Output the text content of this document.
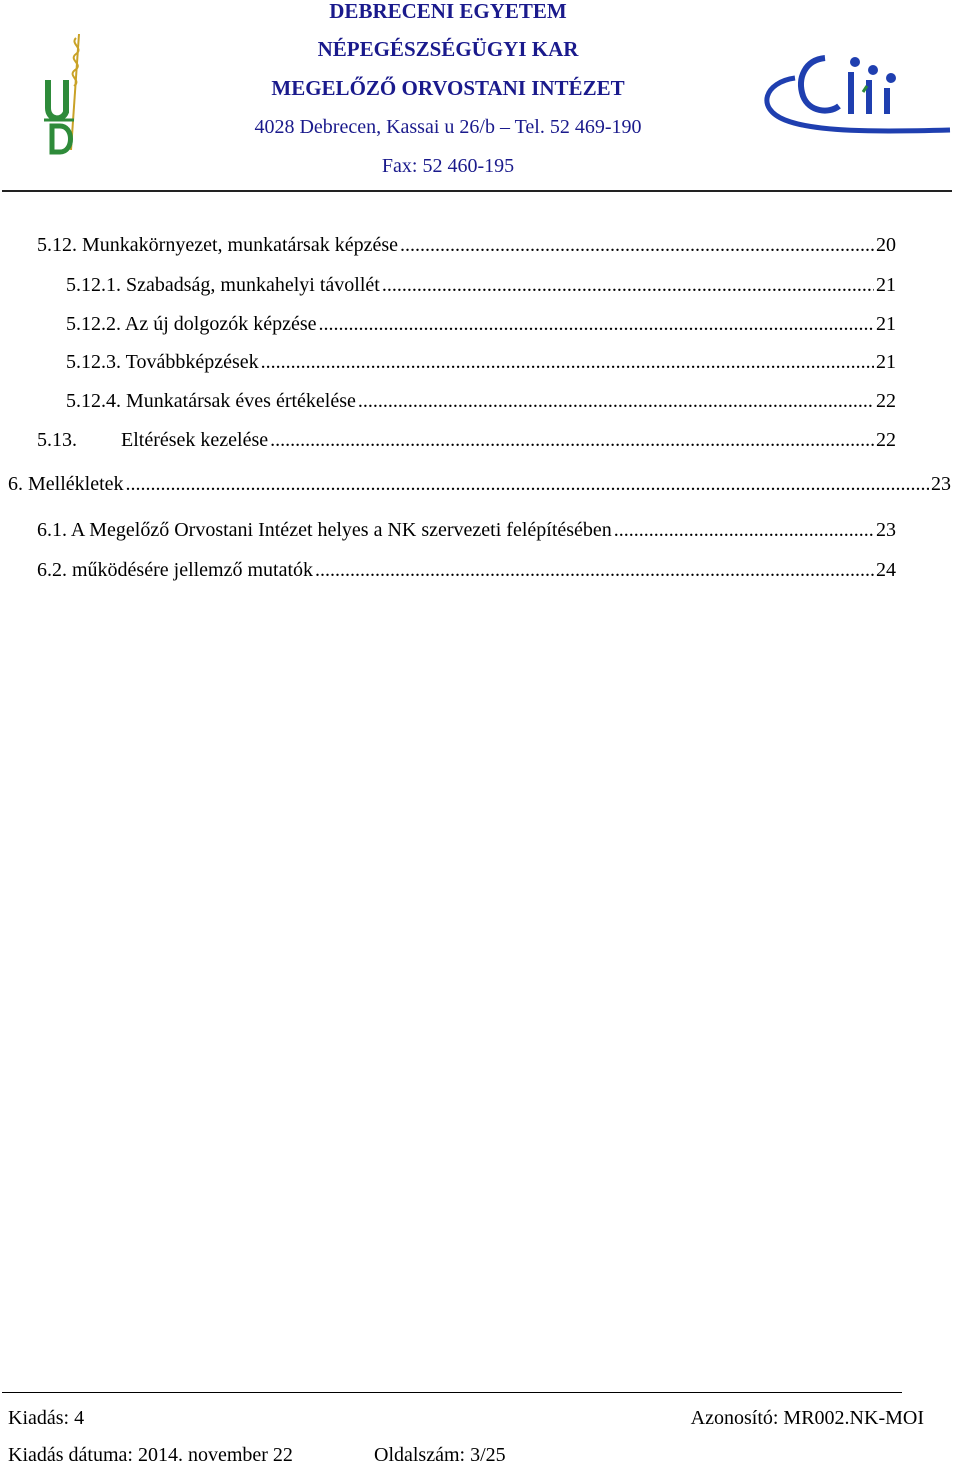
DEBRECENI EGYETEM
NÉPEGÉSZSÉGÜGYI KAR
MEGELŐZŐ ORVOSTANI INTÉZET
4028 Debrecen, Kassai u 26/b – Tel. 52 469-190
Fax: 52 460-195
5.12. Munkakörnyezet, munkatársak képzése .....	20
5.12.1. Szabadság, munkahelyi távollét .....	21
5.12.2. Az új dolgozók képzése .....	21
5.12.3. Továbbképzések .....	21
5.12.4. Munkatársak éves értékelése .....	22
5.13. Eltérések kezelése .....	22
6. Mellékletek .....	23
6.1. A Megelőző Orvostani Intézet helyes a NK szervezeti felépítésében .....	23
6.2. működésére jellemző mutatók .....	24
Kiadás: 4	Azonosító: MR002.NK-MOI
Kiadás dátuma: 2014. november 22	Oldalszám: 3/25
